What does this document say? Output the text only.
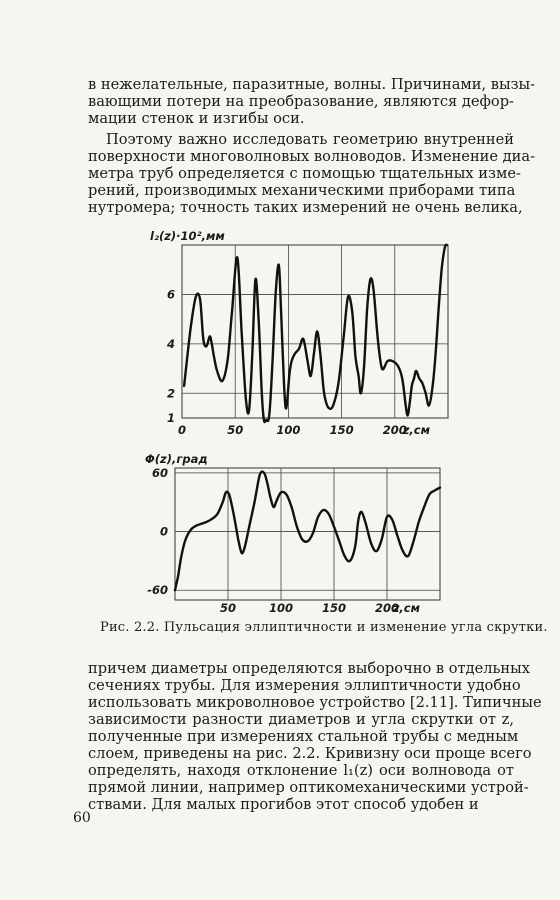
в нежелательные, паразитные, волны. Причинами, вызы-
вающими потери на преобразование, являются дефор-
мации стенок и изгибы оси.

Поэтому важно исследовать геометрию внутренней
поверхности многоволновых волноводов. Изменение диа-
метра труб определяется с помощью тщательных изме-
рений, производимых механическими приборами типа
нутромера; точность таких измерений не очень велика,

0	50	100	150	200
1
2
4
6
l₂(z)·10²,мм
z,см
50	100	150	200
60
0
-60
Φ(z),град
z,см
Рис. 2.2. Пульсация эллиптичности и изменение угла скрутки.

причем диаметры определяются выборочно в отдельных
сечениях трубы. Для измерения эллиптичности удобно
использовать микроволновое устройство [2.11]. Типичные
зависимости разности диаметров и угла скрутки от z,
полученные при измерениях стальной трубы с медным
слоем, приведены на рис. 2.2. Кривизну оси проще всего
определять, находя отклонение l₁(z) оси волновода от
прямой линии, например оптикомеханическими устрой-
ствами. Для малых прогибов этот способ удобен и

60
